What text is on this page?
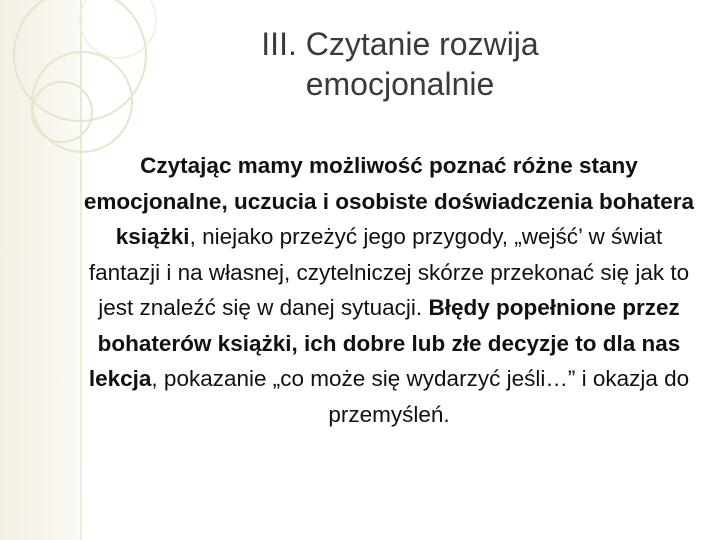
III. Czytanie rozwija
emocjonalnie
Czytając mamy możliwość poznać różne stany emocjonalne, uczucia i osobiste doświadczenia bohatera książki, niejako przeżyć jego przygody, „wejść’ w świat fantazji i na własnej, czytelniczej skórze przekonać się jak to jest znaleźć się w danej sytuacji. Błędy popełnione przez bohaterów książki, ich dobre lub złe decyzje to dla nas lekcja, pokazanie „co może się wydarzyć jeśli…” i okazja do przemyśleń.
